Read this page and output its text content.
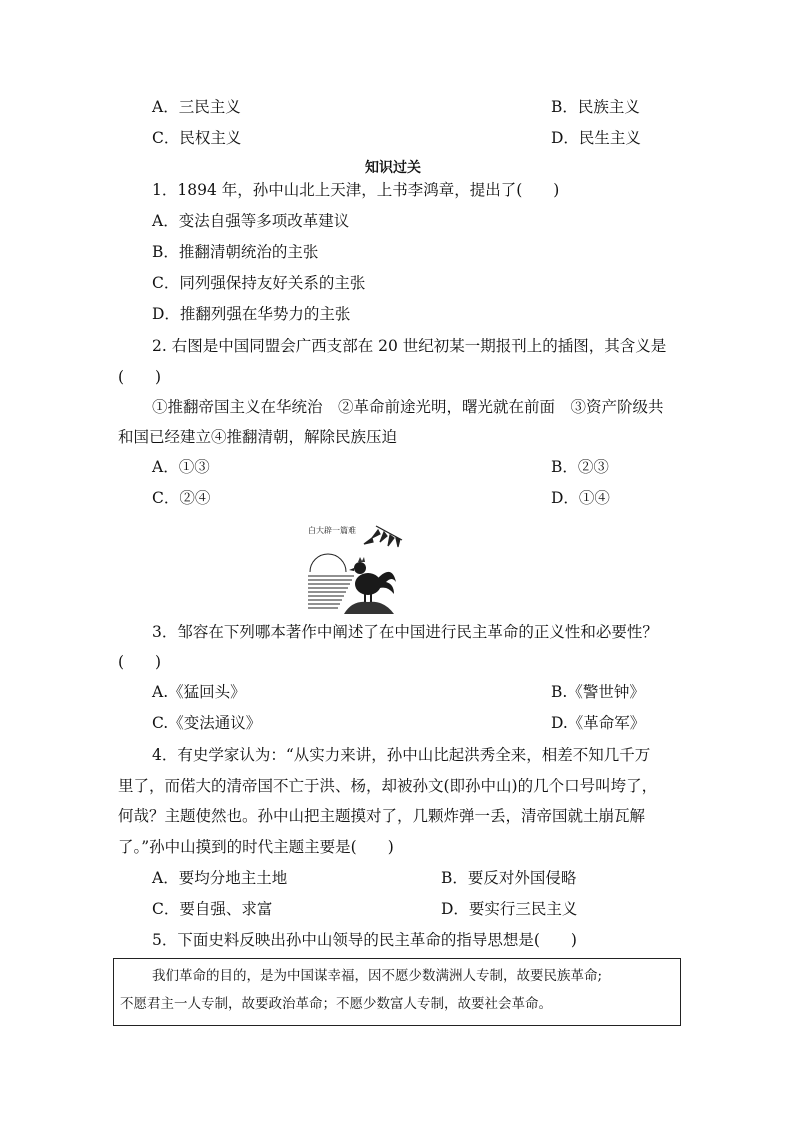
A．三民主义	B．民族主义
C．民权主义	D．民生主义
知识过关
1．1894 年，孙中山北上天津，上书李鸿章，提出了(　　)
A．变法自强等多项改革建议
B．推翻清朝统治的主张
C．同列强保持友好关系的主张
D．推翻列强在华势力的主张
2. 右图是中国同盟会广西支部在 20 世纪初某一期报刊上的插图，其含义是
(　　)
①推翻帝国主义在华统治　②革命前途光明，曙光就在前面　③资产阶级共
和国已经建立④推翻清朝，解除民族压迫
A．①③	B．②③
C．②④	D．①④
白大辟一篇难
3．邹容在下列哪本著作中阐述了在中国进行民主革命的正义性和必要性？
(　　)
A.《猛回头》	B.《警世钟》
C.《变法通议》	D.《革命军》
4．有史学家认为：“从实力来讲，孙中山比起洪秀全来，相差不知几千万
里了，而偌大的清帝国不亡于洪、杨，却被孙文(即孙中山)的几个口号叫垮了，
何哉？主题使然也。孙中山把主题摸对了，几颗炸弹一丢，清帝国就土崩瓦解
了。”孙中山摸到的时代主题主要是(　　)
A．要均分地主土地	B．要反对外国侵略
C．要自强、求富	D．要实行三民主义
5．下面史料反映出孙中山领导的民主革命的指导思想是(　　)
我们革命的目的，是为中国谋幸福，因不愿少数满洲人专制，故要民族革命;
不愿君主一人专制，故要政治革命；不愿少数富人专制，故要社会革命。
